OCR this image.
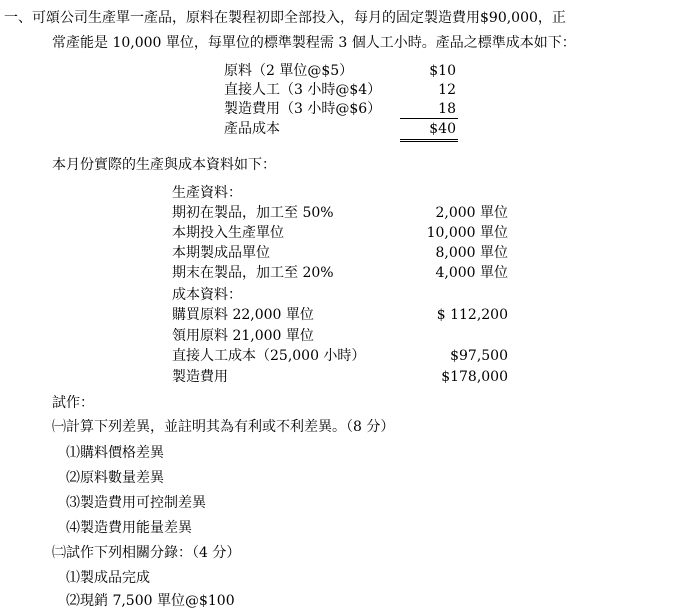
一、 可頌公司生產單一產品，原料在製程初即全部投入，每月的固定製造費用$90,000，正
常產能是 10,000 單位，每單位的標準製程需 3 個人工小時。產品之標準成本如下：
原料（2 單位@$5）	$10
直接人工（3 小時@$4）	12
製造費用（3 小時@$6）	18
產品成本	$40
本月份實際的生產與成本資料如下：
生產資料：
期初在製品，加工至 50%	2,000 單位
本期投入生產單位	10,000 單位
本期製成品單位	8,000 單位
期末在製品，加工至 20%	4,000 單位
成本資料：
購買原料 22,000 單位	$ 112,200
領用原料 21,000 單位
直接人工成本（25,000 小時）	$97,500
製造費用	$178,000
試作：
㈠計算下列差異，並註明其為有利或不利差異。（8 分）
⑴購料價格差異
⑵原料數量差異
⑶製造費用可控制差異
⑷製造費用能量差異
㈡試作下列相關分錄：（4 分）
⑴製成品完成
⑵現銷 7,500 單位@$100
